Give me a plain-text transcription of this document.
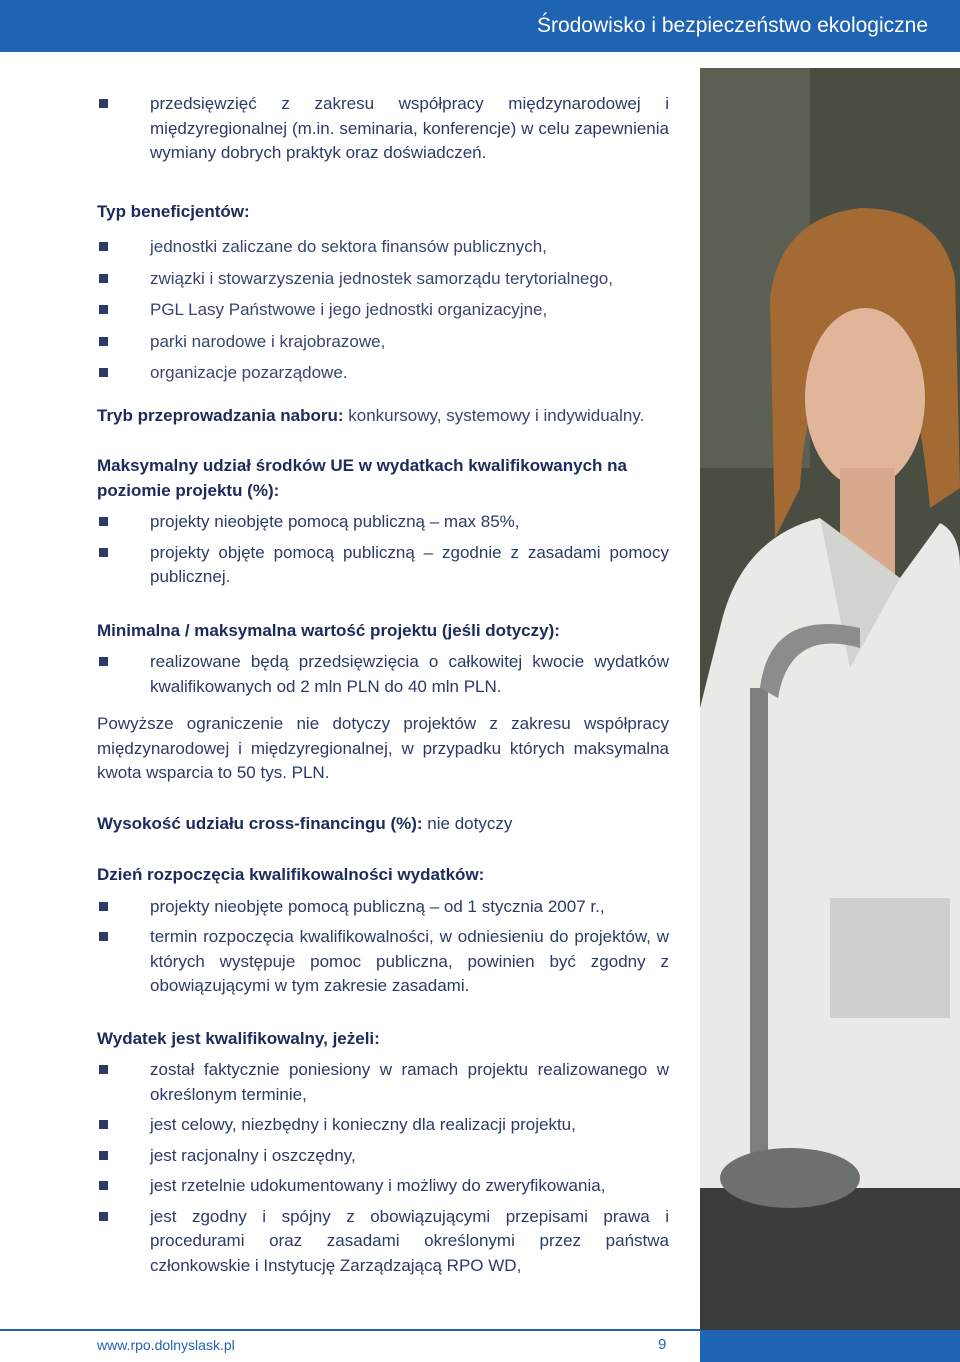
Środowisko i bezpieczeństwo ekologiczne
przedsięwzięć z zakresu współpracy międzynarodowej i międzyregionalnej (m.in. seminaria, konferencje) w celu zapewnienia wymiany dobrych praktyk oraz doświadczeń.

Typ beneficjentów:

jednostki zaliczane do sektora finansów publicznych,
związki i stowarzyszenia jednostek samorządu terytorialnego,
PGL Lasy Państwowe i jego jednostki organizacyjne,
parki narodowe i krajobrazowe,
organizacje pozarządowe.

Tryb przeprowadzania naboru: konkursowy, systemowy i indywidualny.

Maksymalny udział środków UE w wydatkach kwalifikowanych na poziomie projektu (%):

projekty nieobjęte pomocą publiczną – max 85%,
projekty objęte pomocą publiczną – zgodnie z zasadami pomocy publicznej.

Minimalna / maksymalna wartość projektu (jeśli dotyczy):

realizowane będą przedsięwzięcia o całkowitej kwocie wydatków kwalifikowanych od 2 mln PLN do 40 mln PLN.

Powyższe ograniczenie nie dotyczy projektów z zakresu współpracy międzynarodowej i międzyregionalnej, w przypadku których maksymalna kwota wsparcia to 50 tys. PLN.

Wysokość udziału cross-financingu (%): nie dotyczy

Dzień rozpoczęcia kwalifikowalności wydatków:

projekty nieobjęte pomocą publiczną – od 1 stycznia 2007 r.,
termin rozpoczęcia kwalifikowalności, w odniesieniu do projektów, w których występuje pomoc publiczna, powinien być zgodny z obowiązującymi w tym zakresie zasadami.

Wydatek jest kwalifikowalny, jeżeli:

został faktycznie poniesiony w ramach projektu realizowanego w określonym terminie,
jest celowy, niezbędny i konieczny dla realizacji projektu,
jest racjonalny i oszczędny,
jest rzetelnie udokumentowany i możliwy do zweryfikowania,
jest zgodny i spójny z obowiązującymi przepisami prawa i procedurami oraz zasadami określonymi przez państwa członkowskie i Instytucję Zarządzającą RPO WD,
www.rpo.dolnyslask.pl	9
